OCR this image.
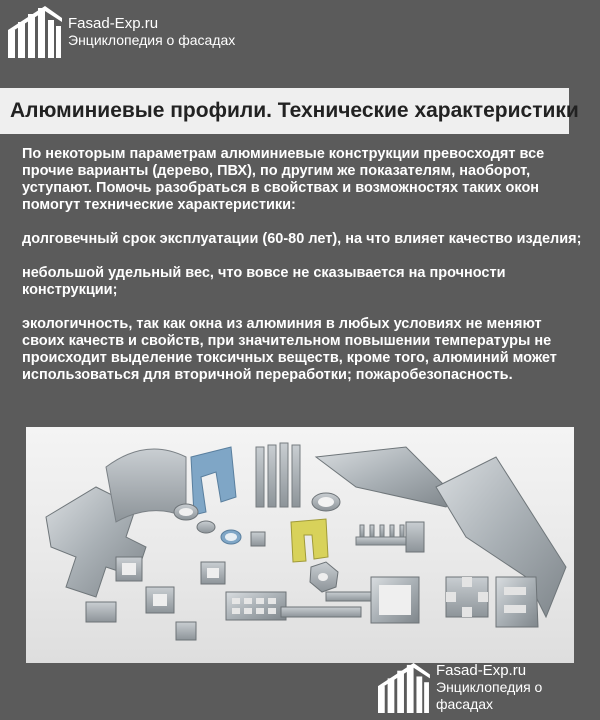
Fasad-Exp.ru
Энциклопедия о фасадах
Алюминиевые профили. Технические характеристики

По некоторым параметрам алюминиевые конструкции превосходят все прочие варианты (дерево, ПВХ), по другим же показателям, наоборот, уступают. Помочь разобраться в свойствах и возможностях таких окон помогут технические характеристики:

долговечный срок эксплуатации (60-80 лет), на что влияет качество изделия;

небольшой удельный вес, что вовсе не сказывается на прочности конструкции;

экологичность, так как окна из алюминия в любых условиях не меняют своих качеств и свойств, при значительном повышении температуры не происходит выделение токсичных веществ, кроме того, алюминий может использоваться для вторичной переработки; пожаробезопасность.

Fasad-Exp.ru
Энциклопедия о фасадах
